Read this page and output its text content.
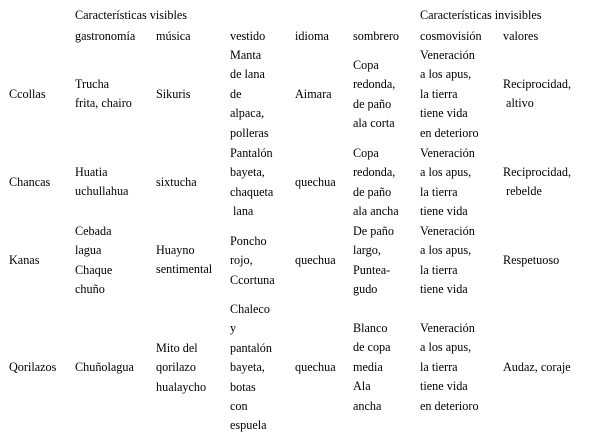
Características visibles	Características invisibles
gastronomía música	vestido idioma sombrero cosmovisión valores
Ccollas
Trucha
frita, chairo
Sikuris
Manta
de lana
de
alpaca,
polleras
Aimara
Copa
redonda,
de paño
ala corta
Veneración
a los apus,
la tierra
tiene vida
en deterioro
Reciprocidad,
altivo
Chancas
Huatia
uchullahua
sixtucha
Pantalón
bayeta,
chaqueta
lana
quechua
Copa
redonda,
de paño
ala ancha
Veneración
a los apus,
la tierra
tiene vida
Reciprocidad,
rebelde
Kanas
Cebada
lagua
Chaque
chuño
Huayno
sentimental
Poncho
rojo,
Ccortuna
quechua
De paño
largo,
Puntea-
gudo
Veneración
a los apus,
la tierra
tiene vida
Respetuoso
Qorilazos Chuñolagua
Mito del
qorilazo
hualaycho
Chaleco
y
pantalón
bayeta,
botas
con
espuela
quechua
Blanco
de copa
media
Ala
ancha
Veneración
a los apus,
la tierra
tiene vida
en deterioro
Audaz, coraje
